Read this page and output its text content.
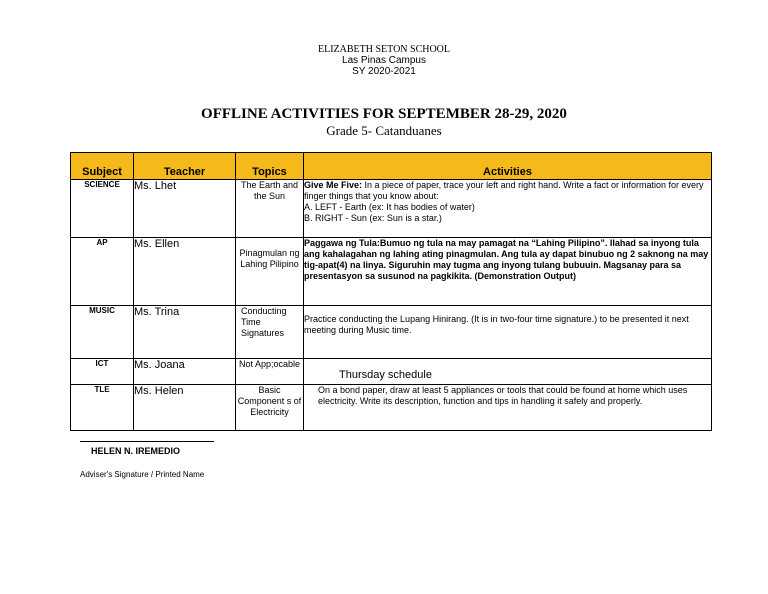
ELIZABETH SETON SCHOOL
Las Pinas Campus
SY 2020-2021
OFFLINE ACTIVITIES FOR SEPTEMBER 28-29, 2020
Grade 5- Catanduanes
Subject	Teacher	Topics	Activities
SCIENCE	Ms. Lhet	The Earth and the Sun	Give Me Five: In a piece of paper, trace your left and right hand. Write a fact or information for every finger things that you know about:
A. LEFT - Earth (ex: It has bodies of water)
B. RIGHT - Sun (ex: Sun is a star.)
AP	Ms. Ellen	Pinagmulan ng Lahing Pilipino	Paggawa ng Tula:Bumuo ng tula na may pamagat na “Lahing Pilipino”. Ilahad sa inyong tula ang kahalagahan ng lahing ating pinagmulan. Ang tula ay dapat binubuo ng 2 saknong na may tig-apat(4) na linya. Siguruhin may tugma ang inyong tulang bubuuin. Magsanay para sa presentasyon sa susunod na pagkikita. (Demonstration Output)
MUSIC	Ms. Trina	Conducting Time Signatures	Practice conducting the Lupang Hinirang. (It is in two-four time signature.) to be presented it next meeting during Music time.
ICT	Ms. Joana	Not App;ocable	Thursday schedule

TLE	Ms. Helen	Basic Component s of Electricity	On a bond paper, draw at least 5 appliances or tools that could be found at home which uses electricity. Write its description, function and tips in handling it safely and properly.
HELEN N. IREMEDIO
Adviser's Signature / Printed Name
